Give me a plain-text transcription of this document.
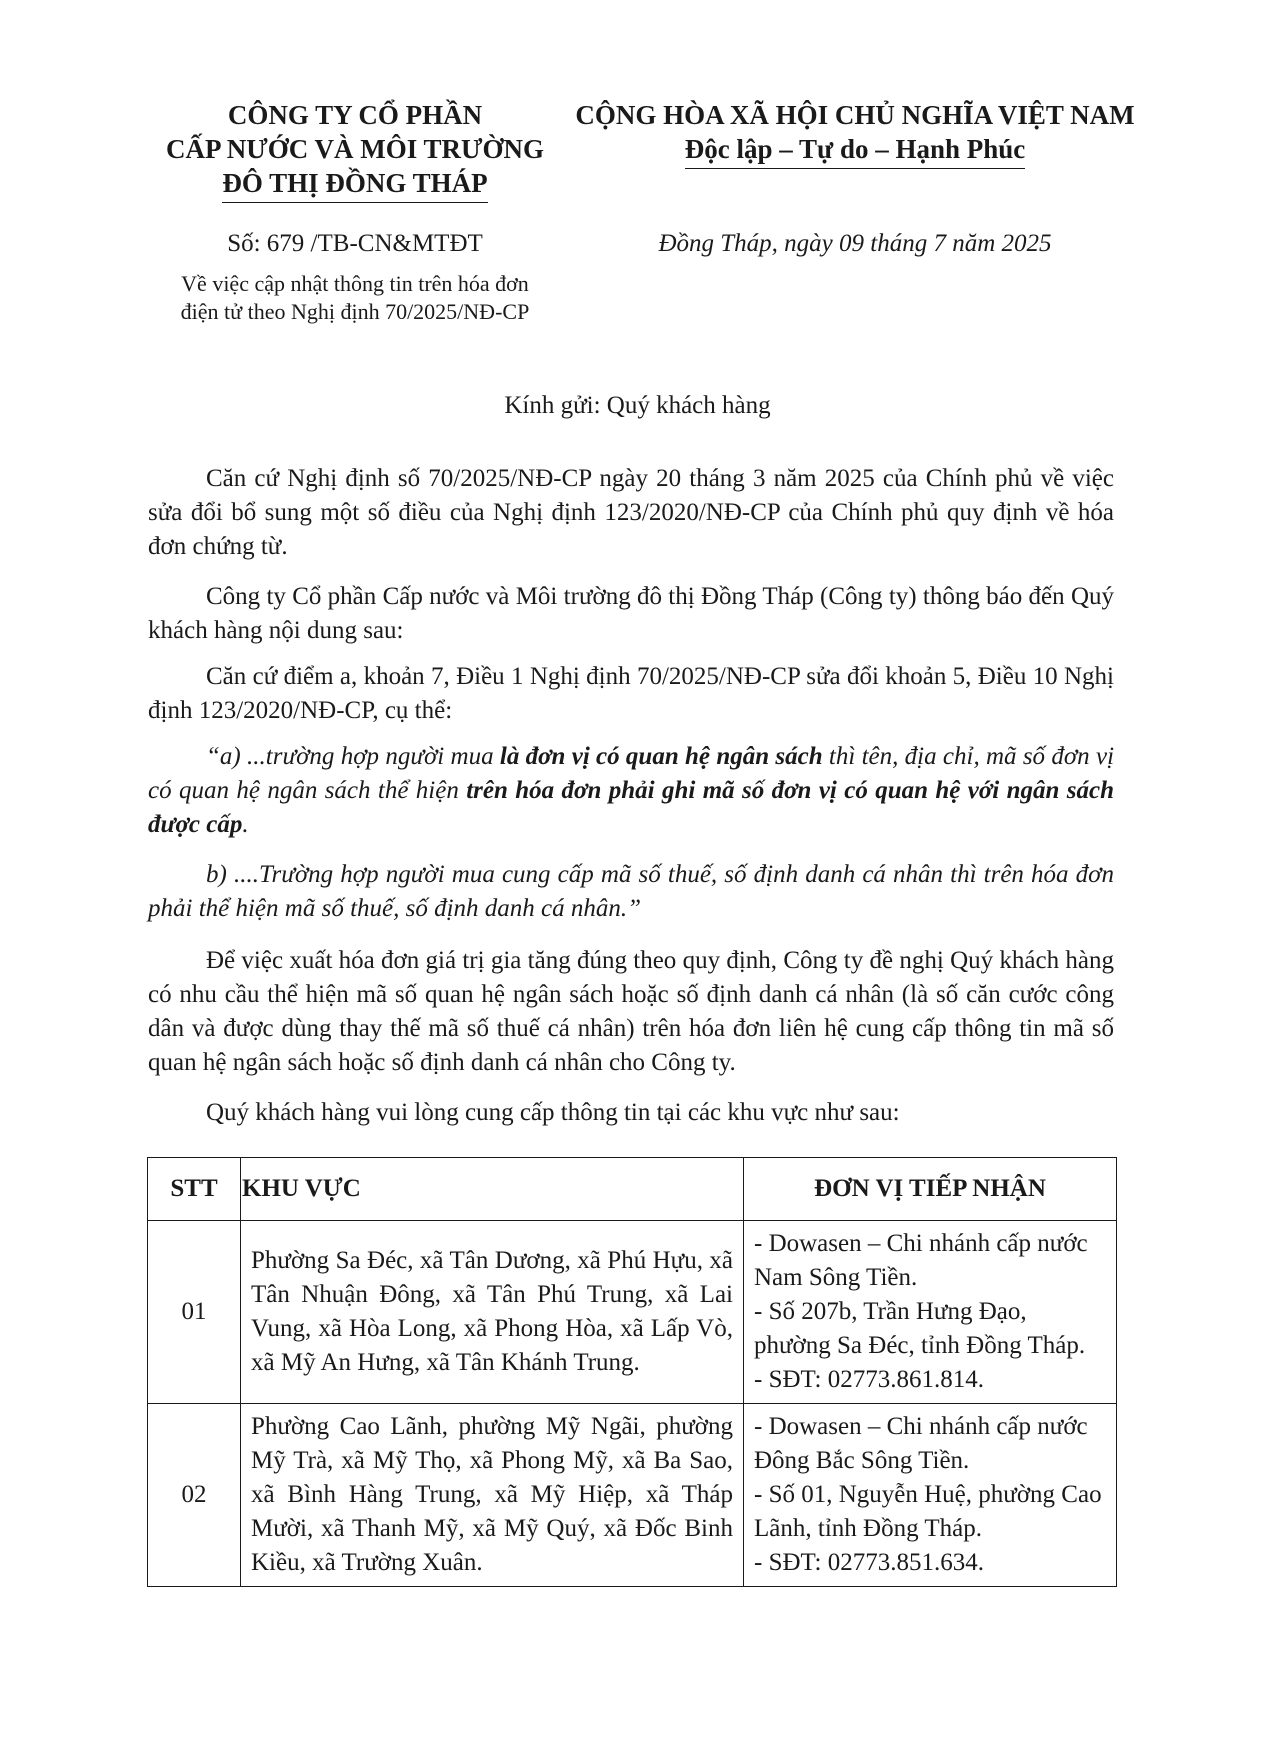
CÔNG TY CỔ PHẦN
CẤP NƯỚC VÀ MÔI TRƯỜNG
ĐÔ THỊ ĐỒNG THÁP
CỘNG HÒA XÃ HỘI CHỦ NGHĨA VIỆT NAM
Độc lập – Tự do – Hạnh Phúc
Số: 679 /TB-CN&MTĐT	Đồng Tháp, ngày 09 tháng 7 năm 2025
Về việc cập nhật thông tin trên hóa đơn
điện tử theo Nghị định 70/2025/NĐ-CP
Kính gửi: Quý khách hàng
Căn cứ Nghị định số 70/2025/NĐ-CP ngày 20 tháng 3 năm 2025 của Chính phủ về việc sửa đổi bổ sung một số điều của Nghị định 123/2020/NĐ-CP của Chính phủ quy định về hóa đơn chứng từ.
Công ty Cổ phần Cấp nước và Môi trường đô thị Đồng Tháp (Công ty) thông báo đến Quý khách hàng nội dung sau:
Căn cứ điểm a, khoản 7, Điều 1 Nghị định 70/2025/NĐ-CP sửa đổi khoản 5, Điều 10 Nghị định 123/2020/NĐ-CP, cụ thể:
“a) ...trường hợp người mua là đơn vị có quan hệ ngân sách thì tên, địa chỉ, mã số đơn vị có quan hệ ngân sách thể hiện trên hóa đơn phải ghi mã số đơn vị có quan hệ với ngân sách được cấp.
b) ....Trường hợp người mua cung cấp mã số thuế, số định danh cá nhân thì trên hóa đơn phải thể hiện mã số thuế, số định danh cá nhân.”
Để việc xuất hóa đơn giá trị gia tăng đúng theo quy định, Công ty đề nghị Quý khách hàng có nhu cầu thể hiện mã số quan hệ ngân sách hoặc số định danh cá nhân (là số căn cước công dân và được dùng thay thế mã số thuế cá nhân) trên hóa đơn liên hệ cung cấp thông tin mã số quan hệ ngân sách hoặc số định danh cá nhân cho Công ty.
Quý khách hàng vui lòng cung cấp thông tin tại các khu vực như sau:
STT	KHU VỰC	ĐƠN VỊ TIẾP NHẬN
01	Phường Sa Đéc, xã Tân Dương, xã Phú Hựu, xã Tân Nhuận Đông, xã Tân Phú Trung, xã Lai Vung, xã Hòa Long, xã Phong Hòa, xã Lấp Vò, xã Mỹ An Hưng, xã Tân Khánh Trung.	- Dowasen – Chi nhánh cấp nước Nam Sông Tiền.
- Số 207b, Trần Hưng Đạo, phường Sa Đéc, tỉnh Đồng Tháp.
- SĐT: 02773.861.814.

02	Phường Cao Lãnh, phường Mỹ Ngãi, phường Mỹ Trà, xã Mỹ Thọ, xã Phong Mỹ, xã Ba Sao, xã Bình Hàng Trung, xã Mỹ Hiệp, xã Tháp Mười, xã Thanh Mỹ, xã Mỹ Quý, xã Đốc Binh Kiều, xã Trường Xuân.	- Dowasen – Chi nhánh cấp nước Đông Bắc Sông Tiền.
- Số 01, Nguyễn Huệ, phường Cao Lãnh, tỉnh Đồng Tháp.
- SĐT: 02773.851.634.
